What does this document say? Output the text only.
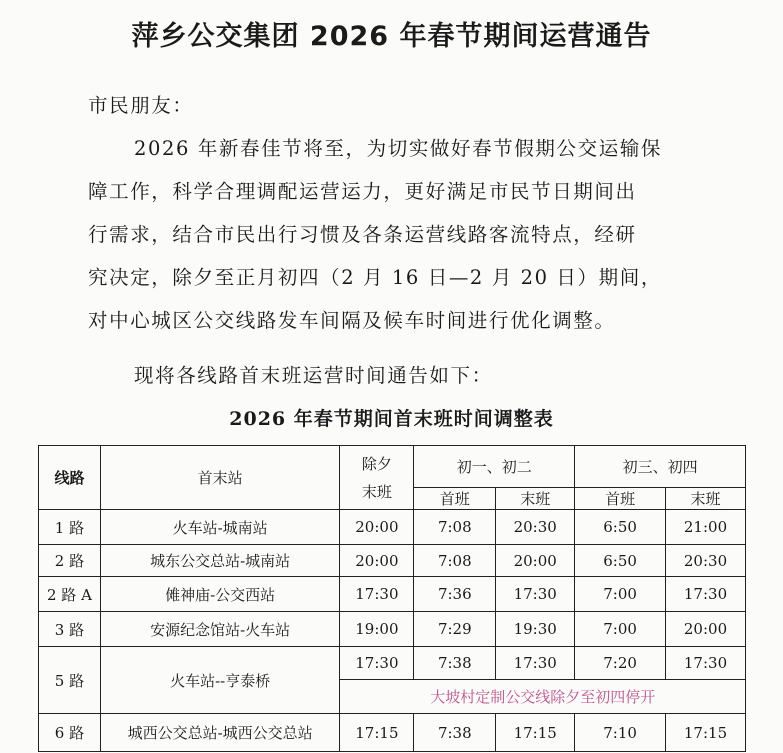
萍乡公交集团 2026 年春节期间运营通告
市民朋友：
2026 年新春佳节将至，为切实做好春节假期公交运输保
障工作，科学合理调配运营运力，更好满足市民节日期间出
行需求，结合市民出行习惯及各条运营线路客流特点，经研
究决定，除夕至正月初四（2 月 16 日—2 月 20 日）期间，
对中心城区公交线路发车间隔及候车时间进行优化调整。
现将各线路首末班运营时间通告如下：
2026 年春节期间首末班时间调整表
线路	首末站	除夕末班	初一、初二		初三、初四	
			首班	末班	首班	末班
1 路	火车站-城南站	20:00	7:08	20:30	6:50	21:00
2 路	城东公交总站-城南站	20:00	7:08	20:00	6:50	20:30
2 路 A	傩神庙-公交西站	17:30	7:36	17:30	7:00	17:30
3 路	安源纪念馆站-火车站	19:00	7:29	19:30	7:00	20:00
5 路	火车站--亨泰桥	17:30	7:38	17:30	7:20	17:30
		大坡村定制公交线除夕至初四停开				
6 路	城西公交总站-城西公交总站	17:15	7:38	17:15	7:10	17:15
